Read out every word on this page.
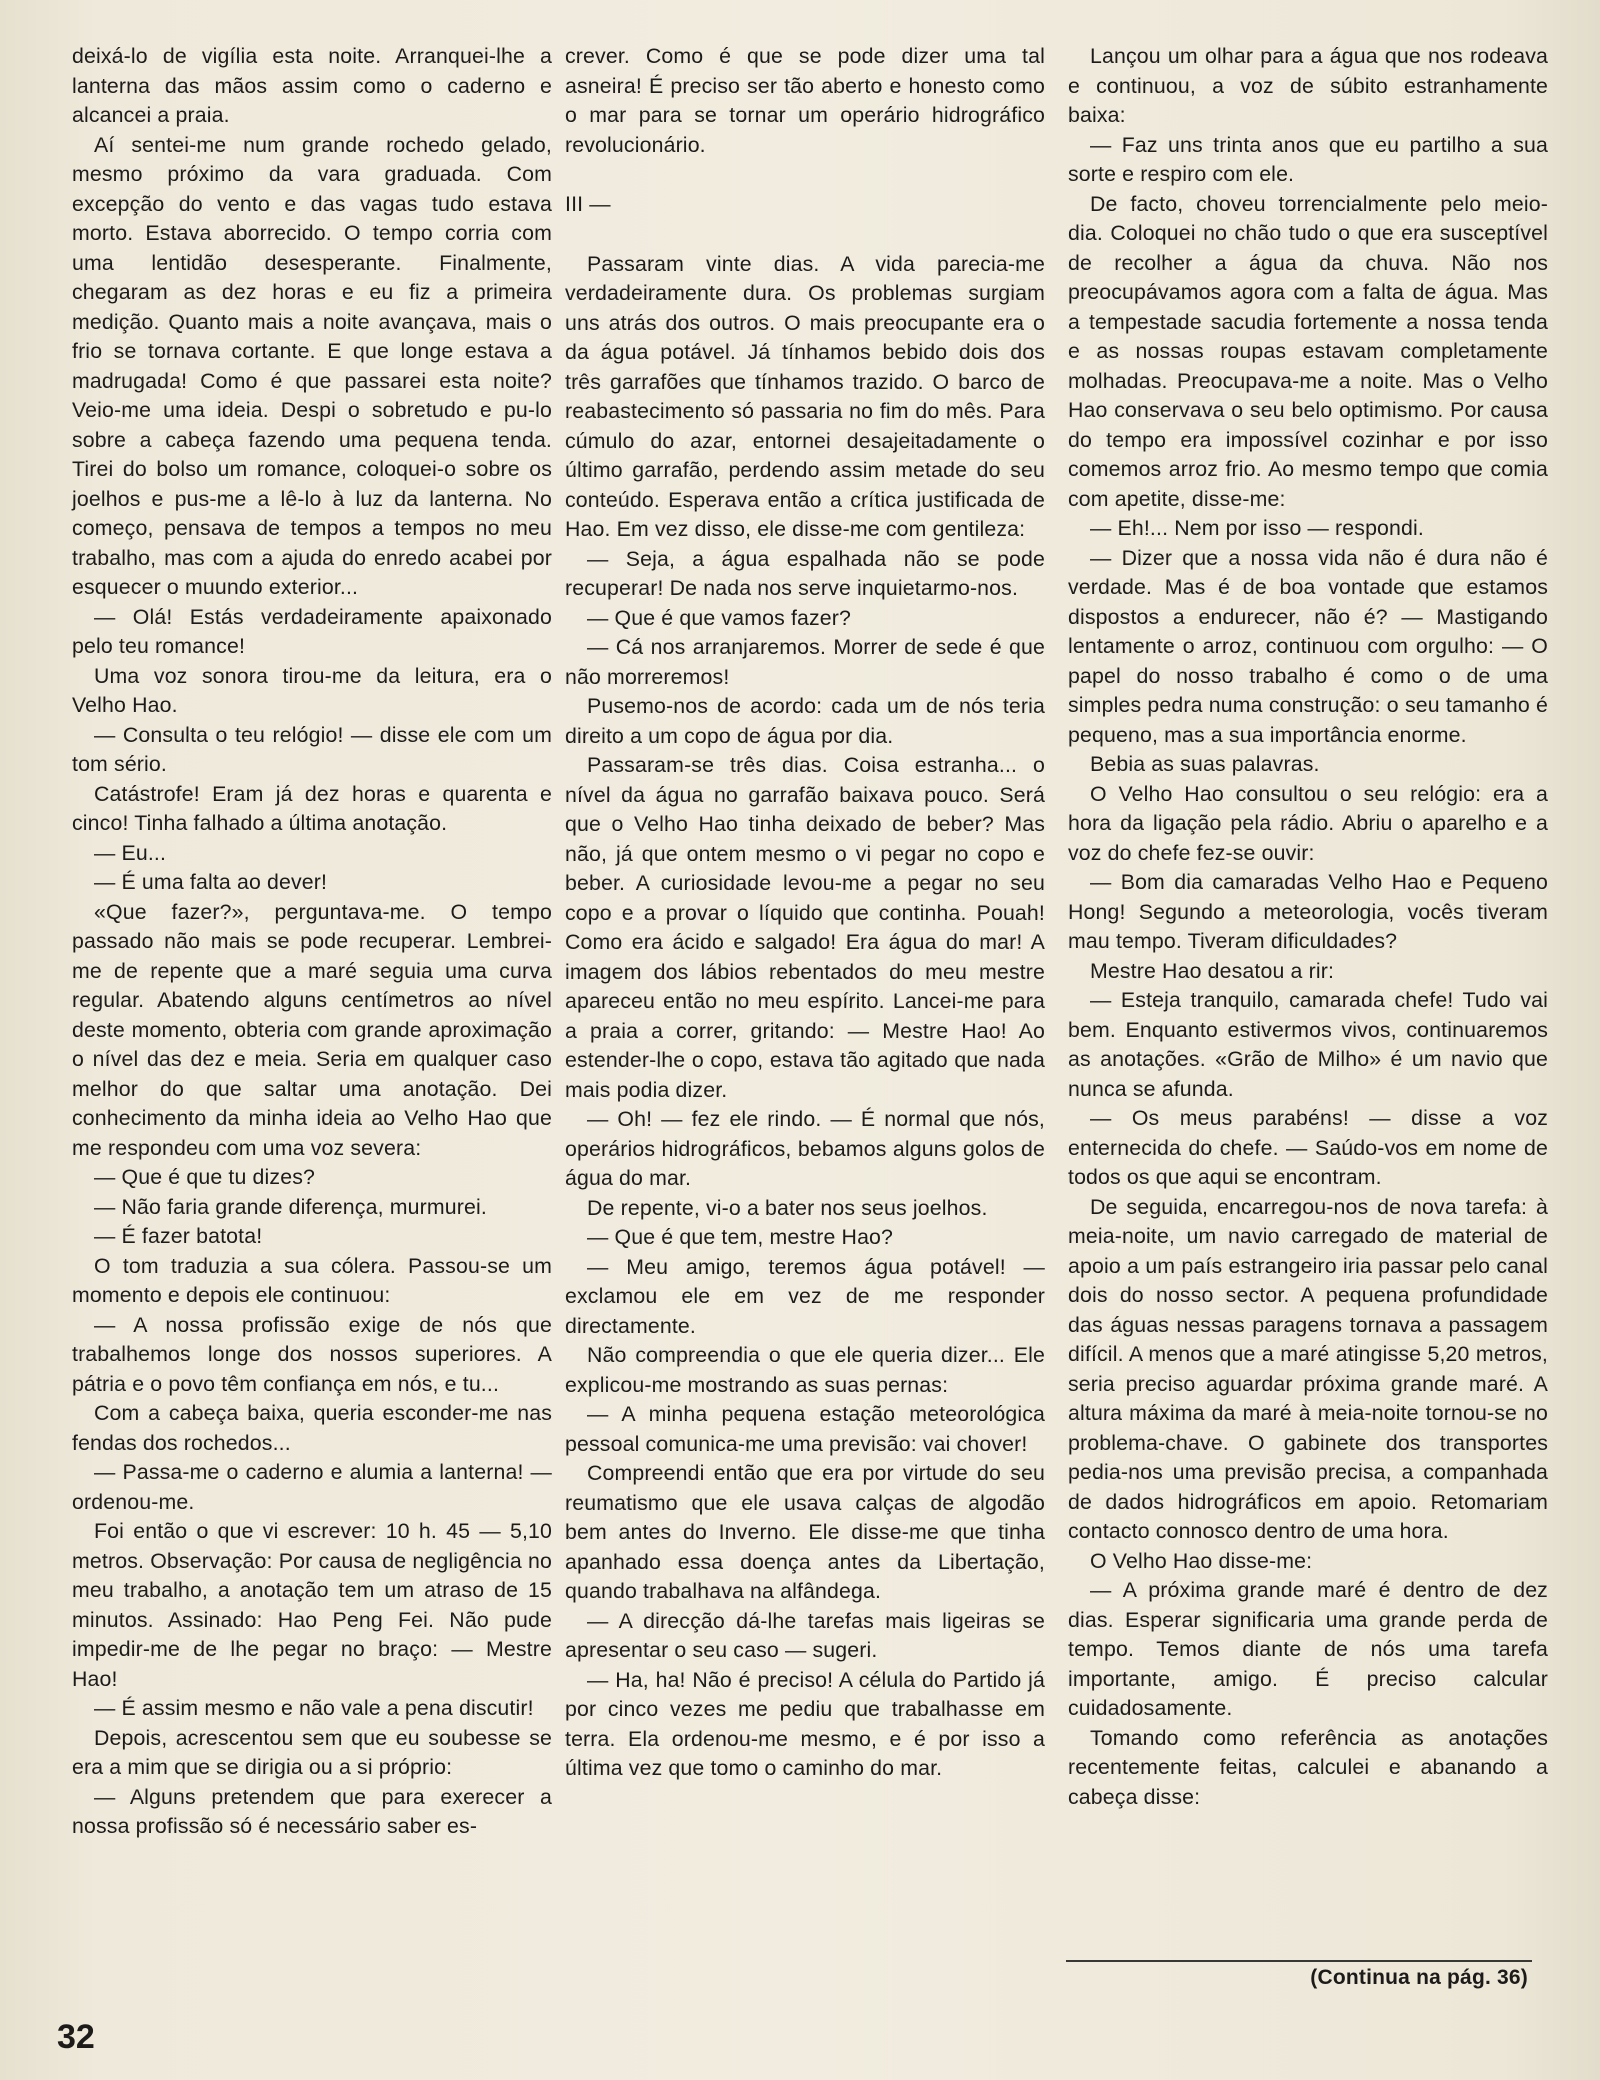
deixá-lo de vigília esta noite. Arranquei-lhe a lanterna das mãos assim como o caderno e alcancei a praia.

Aí sentei-me num grande rochedo gelado, mesmo próximo da vara graduada. Com excepção do vento e das vagas tudo estava morto. Estava aborrecido. O tempo corria com uma lentidão desesperante. Finalmente, chegaram as dez horas e eu fiz a primeira medição. Quanto mais a noite avançava, mais o frio se tornava cortante. E que longe estava a madrugada! Como é que passarei esta noite? Veio-me uma ideia. Despi o sobretudo e pu-lo sobre a cabeça fazendo uma pequena tenda. Tirei do bolso um romance, coloquei-o sobre os joelhos e pus-me a lê-lo à luz da lanterna. No começo, pensava de tempos a tempos no meu trabalho, mas com a ajuda do enredo acabei por esquecer o muundo exterior...

— Olá! Estás verdadeiramente apaixonado pelo teu romance!

Uma voz sonora tirou-me da leitura, era o Velho Hao.

— Consulta o teu relógio! — disse ele com um tom sério.

Catástrofe! Eram já dez horas e quarenta e cinco! Tinha falhado a última anotação.

— Eu...

— É uma falta ao dever!

«Que fazer?», perguntava-me. O tempo passado não mais se pode recuperar. Lembrei-me de repente que a maré seguia uma curva regular. Abatendo alguns centímetros ao nível deste momento, obteria com grande aproximação o nível das dez e meia. Seria em qualquer caso melhor do que saltar uma anotação. Dei conhecimento da minha ideia ao Velho Hao que me respondeu com uma voz severa:

— Que é que tu dizes?

— Não faria grande diferença, murmurei.

— É fazer batota!

O tom traduzia a sua cólera. Passou-se um momento e depois ele continuou:

— A nossa profissão exige de nós que trabalhemos longe dos nossos superiores. A pátria e o povo têm confiança em nós, e tu...

Com a cabeça baixa, queria esconder-me nas fendas dos rochedos...

— Passa-me o caderno e alumia a lanterna! — ordenou-me.

Foi então o que vi escrever: 10 h. 45 — 5,10 metros. Observação: Por causa de negligência no meu trabalho, a anotação tem um atraso de 15 minutos. Assinado: Hao Peng Fei. Não pude impedir-me de lhe pegar no braço: — Mestre Hao!

— É assim mesmo e não vale a pena discutir!

Depois, acrescentou sem que eu soubesse se era a mim que se dirigia ou a si próprio:

— Alguns pretendem que para exerecer a nossa profissão só é necessário saber es-

crever. Como é que se pode dizer uma tal asneira! É preciso ser tão aberto e honesto como o mar para se tornar um operário hidrográfico revolucionário.

III —

Passaram vinte dias. A vida parecia-me verdadeiramente dura. Os problemas surgiam uns atrás dos outros. O mais preocupante era o da água potável. Já tínhamos bebido dois dos três garrafões que tínhamos trazido. O barco de reabastecimento só passaria no fim do mês. Para cúmulo do azar, entornei desajeitadamente o último garrafão, perdendo assim metade do seu conteúdo. Esperava então a crítica justificada de Hao. Em vez disso, ele disse-me com gentileza:

— Seja, a água espalhada não se pode recuperar! De nada nos serve inquietarmo-nos.

— Que é que vamos fazer?

— Cá nos arranjaremos. Morrer de sede é que não morreremos!

Pusemo-nos de acordo: cada um de nós teria direito a um copo de água por dia.

Passaram-se três dias. Coisa estranha... o nível da água no garrafão baixava pouco. Será que o Velho Hao tinha deixado de beber? Mas não, já que ontem mesmo o vi pegar no copo e beber. A curiosidade levou-me a pegar no seu copo e a provar o líquido que continha. Pouah! Como era ácido e salgado! Era água do mar! A imagem dos lábios rebentados do meu mestre apareceu então no meu espírito. Lancei-me para a praia a correr, gritando: — Mestre Hao! Ao estender-lhe o copo, estava tão agitado que nada mais podia dizer.

— Oh! — fez ele rindo. — É normal que nós, operários hidrográficos, bebamos alguns golos de água do mar.

De repente, vi-o a bater nos seus joelhos.

— Que é que tem, mestre Hao?

— Meu amigo, teremos água potável! — exclamou ele em vez de me responder directamente.

Não compreendia o que ele queria dizer... Ele explicou-me mostrando as suas pernas:

— A minha pequena estação meteorológica pessoal comunica-me uma previsão: vai chover!

Compreendi então que era por virtude do seu reumatismo que ele usava calças de algodão bem antes do Inverno. Ele disse-me que tinha apanhado essa doença antes da Libertação, quando trabalhava na alfândega.

— A direcção dá-lhe tarefas mais ligeiras se apresentar o seu caso — sugeri.

— Ha, ha! Não é preciso! A célula do Partido já por cinco vezes me pediu que trabalhasse em terra. Ela ordenou-me mesmo, e é por isso a última vez que tomo o caminho do mar.

Lançou um olhar para a água que nos rodeava e continuou, a voz de súbito estranhamente baixa:

— Faz uns trinta anos que eu partilho a sua sorte e respiro com ele.

De facto, choveu torrencialmente pelo meio-dia. Coloquei no chão tudo o que era susceptível de recolher a água da chuva. Não nos preocupávamos agora com a falta de água. Mas a tempestade sacudia fortemente a nossa tenda e as nossas roupas estavam completamente molhadas. Preocupava-me a noite. Mas o Velho Hao conservava o seu belo optimismo. Por causa do tempo era impossível cozinhar e por isso comemos arroz frio. Ao mesmo tempo que comia com apetite, disse-me:

— Eh!... Nem por isso — respondi.

— Dizer que a nossa vida não é dura não é verdade. Mas é de boa vontade que estamos dispostos a endurecer, não é? — Mastigando lentamente o arroz, continuou com orgulho: — O papel do nosso trabalho é como o de uma simples pedra numa construção: o seu tamanho é pequeno, mas a sua importância enorme.

Bebia as suas palavras.

O Velho Hao consultou o seu relógio: era a hora da ligação pela rádio. Abriu o aparelho e a voz do chefe fez-se ouvir:

— Bom dia camaradas Velho Hao e Pequeno Hong! Segundo a meteorologia, vocês tiveram mau tempo. Tiveram dificuldades?

Mestre Hao desatou a rir:

— Esteja tranquilo, camarada chefe! Tudo vai bem. Enquanto estivermos vivos, continuaremos as anotações. «Grão de Milho» é um navio que nunca se afunda.

— Os meus parabéns! — disse a voz enternecida do chefe. — Saúdo-vos em nome de todos os que aqui se encontram.

De seguida, encarregou-nos de nova tarefa: à meia-noite, um navio carregado de material de apoio a um país estrangeiro iria passar pelo canal dois do nosso sector. A pequena profundidade das águas nessas paragens tornava a passagem difícil. A menos que a maré atingisse 5,20 metros, seria preciso aguardar próxima grande maré. A altura máxima da maré à meia-noite tornou-se no problema-chave. O gabinete dos transportes pedia-nos uma previsão precisa, a companhada de dados hidrográficos em apoio. Retomariam contacto connosco dentro de uma hora.

O Velho Hao disse-me:

— A próxima grande maré é dentro de dez dias. Esperar significaria uma grande perda de tempo. Temos diante de nós uma tarefa importante, amigo. É preciso calcular cuidadosamente.

Tomando como referência as anotações recentemente feitas, calculei e abanando a cabeça disse:

(Continua na pág. 36)
32
